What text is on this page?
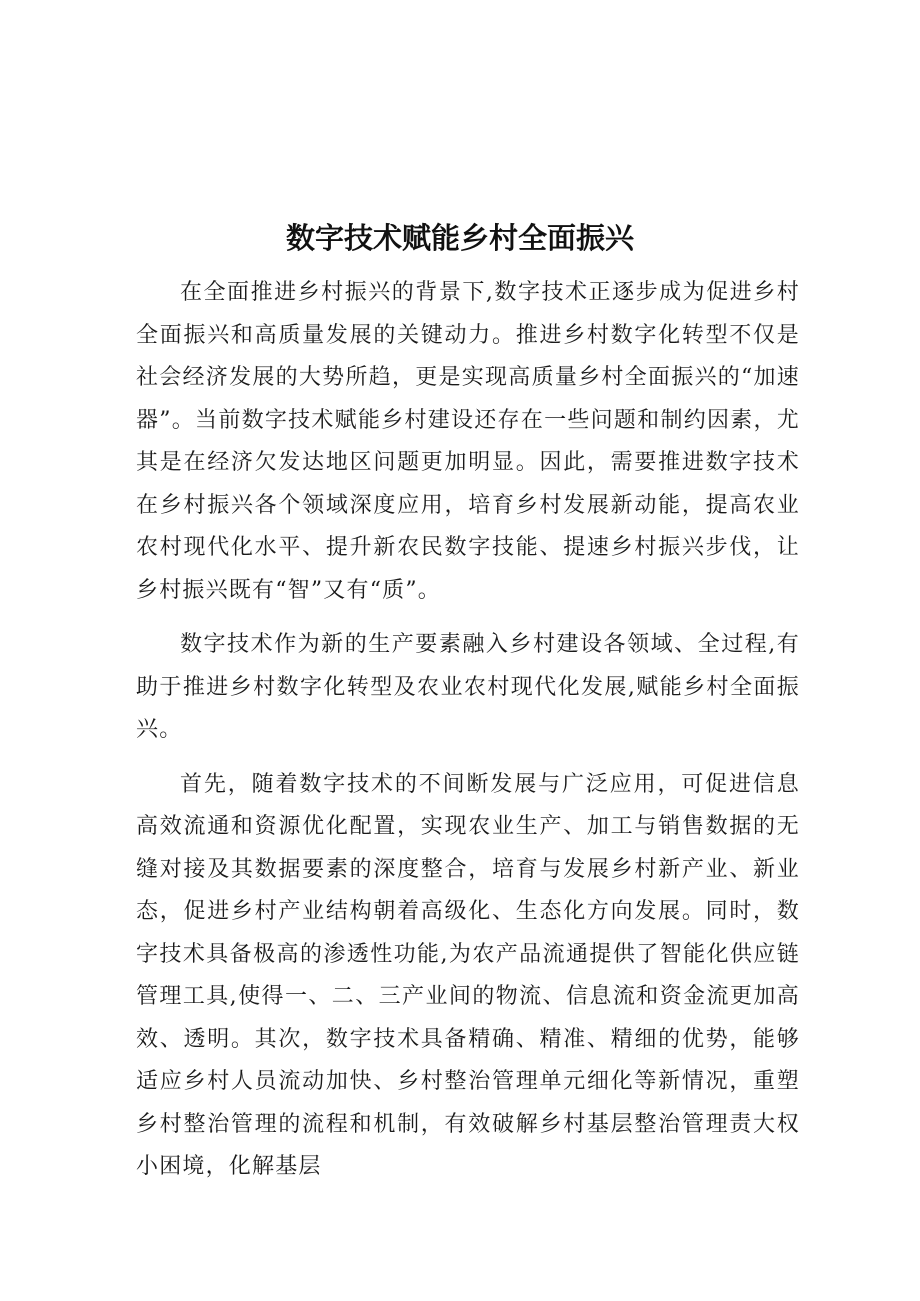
数字技术赋能乡村全面振兴

在全面推进乡村振兴的背景下,数字技术正逐步成为促进乡村全面振兴和高质量发展的关键动力。推进乡村数字化转型不仅是社会经济发展的大势所趋，更是实现高质量乡村全面振兴的“加速器”。当前数字技术赋能乡村建设还存在一些问题和制约因素，尤其是在经济欠发达地区问题更加明显。因此，需要推进数字技术在乡村振兴各个领域深度应用，培育乡村发展新动能，提高农业农村现代化水平、提升新农民数字技能、提速乡村振兴步伐，让乡村振兴既有“智”又有“质”。

数字技术作为新的生产要素融入乡村建设各领域、全过程,有助于推进乡村数字化转型及农业农村现代化发展,赋能乡村全面振兴。

首先，随着数字技术的不间断发展与广泛应用，可促进信息高效流通和资源优化配置，实现农业生产、加工与销售数据的无缝对接及其数据要素的深度整合，培育与发展乡村新产业、新业态，促进乡村产业结构朝着高级化、生态化方向发展。同时，数字技术具备极高的渗透性功能,为农产品流通提供了智能化供应链管理工具,使得一、二、三产业间的物流、信息流和资金流更加高效、透明。其次，数字技术具备精确、精准、精细的优势，能够适应乡村人员流动加快、乡村整治管理单元细化等新情况，重塑乡村整治管理的流程和机制，有效破解乡村基层整治管理责大权小困境，化解基层
